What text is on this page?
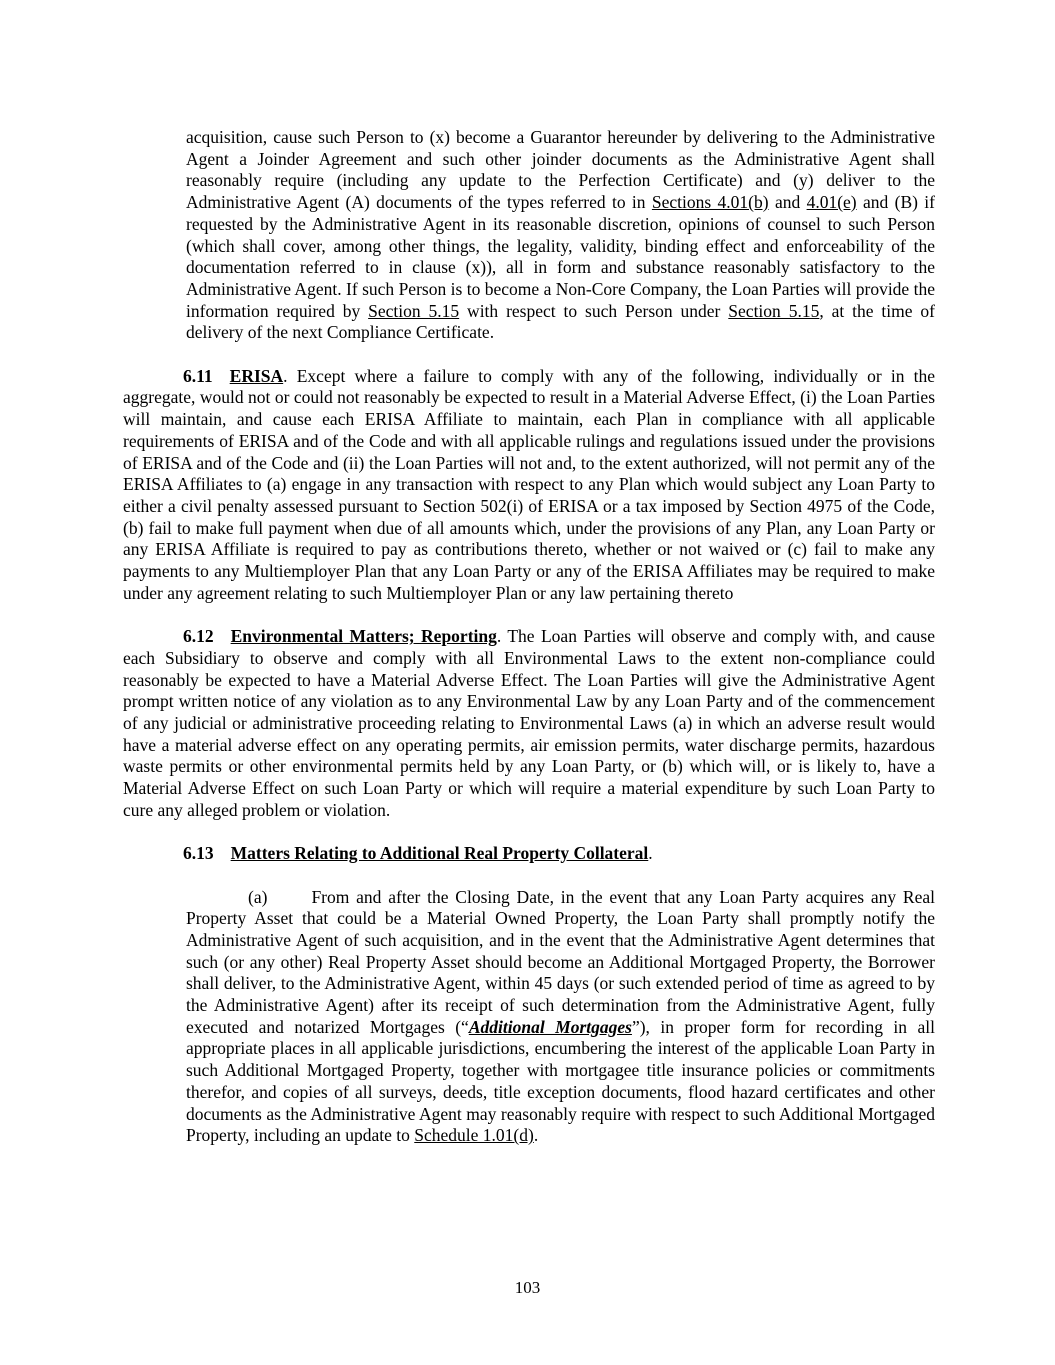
acquisition, cause such Person to (x) become a Guarantor hereunder by delivering to the Administrative Agent a Joinder Agreement and such other joinder documents as the Administrative Agent shall reasonably require (including any update to the Perfection Certificate) and (y) deliver to the Administrative Agent (A) documents of the types referred to in Sections 4.01(b) and 4.01(e) and (B) if requested by the Administrative Agent in its reasonable discretion, opinions of counsel to such Person (which shall cover, among other things, the legality, validity, binding effect and enforceability of the documentation referred to in clause (x)), all in form and substance reasonably satisfactory to the Administrative Agent. If such Person is to become a Non-Core Company, the Loan Parties will provide the information required by Section 5.15 with respect to such Person under Section 5.15, at the time of delivery of the next Compliance Certificate.

6.11 ERISA. Except where a failure to comply with any of the following, individually or in the aggregate, would not or could not reasonably be expected to result in a Material Adverse Effect, (i) the Loan Parties will maintain, and cause each ERISA Affiliate to maintain, each Plan in compliance with all applicable requirements of ERISA and of the Code and with all applicable rulings and regulations issued under the provisions of ERISA and of the Code and (ii) the Loan Parties will not and, to the extent authorized, will not permit any of the ERISA Affiliates to (a) engage in any transaction with respect to any Plan which would subject any Loan Party to either a civil penalty assessed pursuant to Section 502(i) of ERISA or a tax imposed by Section 4975 of the Code, (b) fail to make full payment when due of all amounts which, under the provisions of any Plan, any Loan Party or any ERISA Affiliate is required to pay as contributions thereto, whether or not waived or (c) fail to make any payments to any Multiemployer Plan that any Loan Party or any of the ERISA Affiliates may be required to make under any agreement relating to such Multiemployer Plan or any law pertaining thereto

6.12 Environmental Matters; Reporting. The Loan Parties will observe and comply with, and cause each Subsidiary to observe and comply with all Environmental Laws to the extent non-compliance could reasonably be expected to have a Material Adverse Effect. The Loan Parties will give the Administrative Agent prompt written notice of any violation as to any Environmental Law by any Loan Party and of the commencement of any judicial or administrative proceeding relating to Environmental Laws (a) in which an adverse result would have a material adverse effect on any operating permits, air emission permits, water discharge permits, hazardous waste permits or other environmental permits held by any Loan Party, or (b) which will, or is likely to, have a Material Adverse Effect on such Loan Party or which will require a material expenditure by such Loan Party to cure any alleged problem or violation.

6.13 Matters Relating to Additional Real Property Collateral.

(a)	From and after the Closing Date, in the event that any Loan Party acquires any Real Property Asset that could be a Material Owned Property, the Loan Party shall promptly notify the Administrative Agent of such acquisition, and in the event that the Administrative Agent determines that such (or any other) Real Property Asset should become an Additional Mortgaged Property, the Borrower shall deliver, to the Administrative Agent, within 45 days (or such extended period of time as agreed to by the Administrative Agent) after its receipt of such determination from the Administrative Agent, fully executed and notarized Mortgages (“Additional Mortgages”), in proper form for recording in all appropriate places in all applicable jurisdictions, encumbering the interest of the applicable Loan Party in such Additional Mortgaged Property, together with mortgagee title insurance policies or commitments therefor, and copies of all surveys, deeds, title exception documents, flood hazard certificates and other documents as the Administrative Agent may reasonably require with respect to such Additional Mortgaged Property, including an update to Schedule 1.01(d).

103
